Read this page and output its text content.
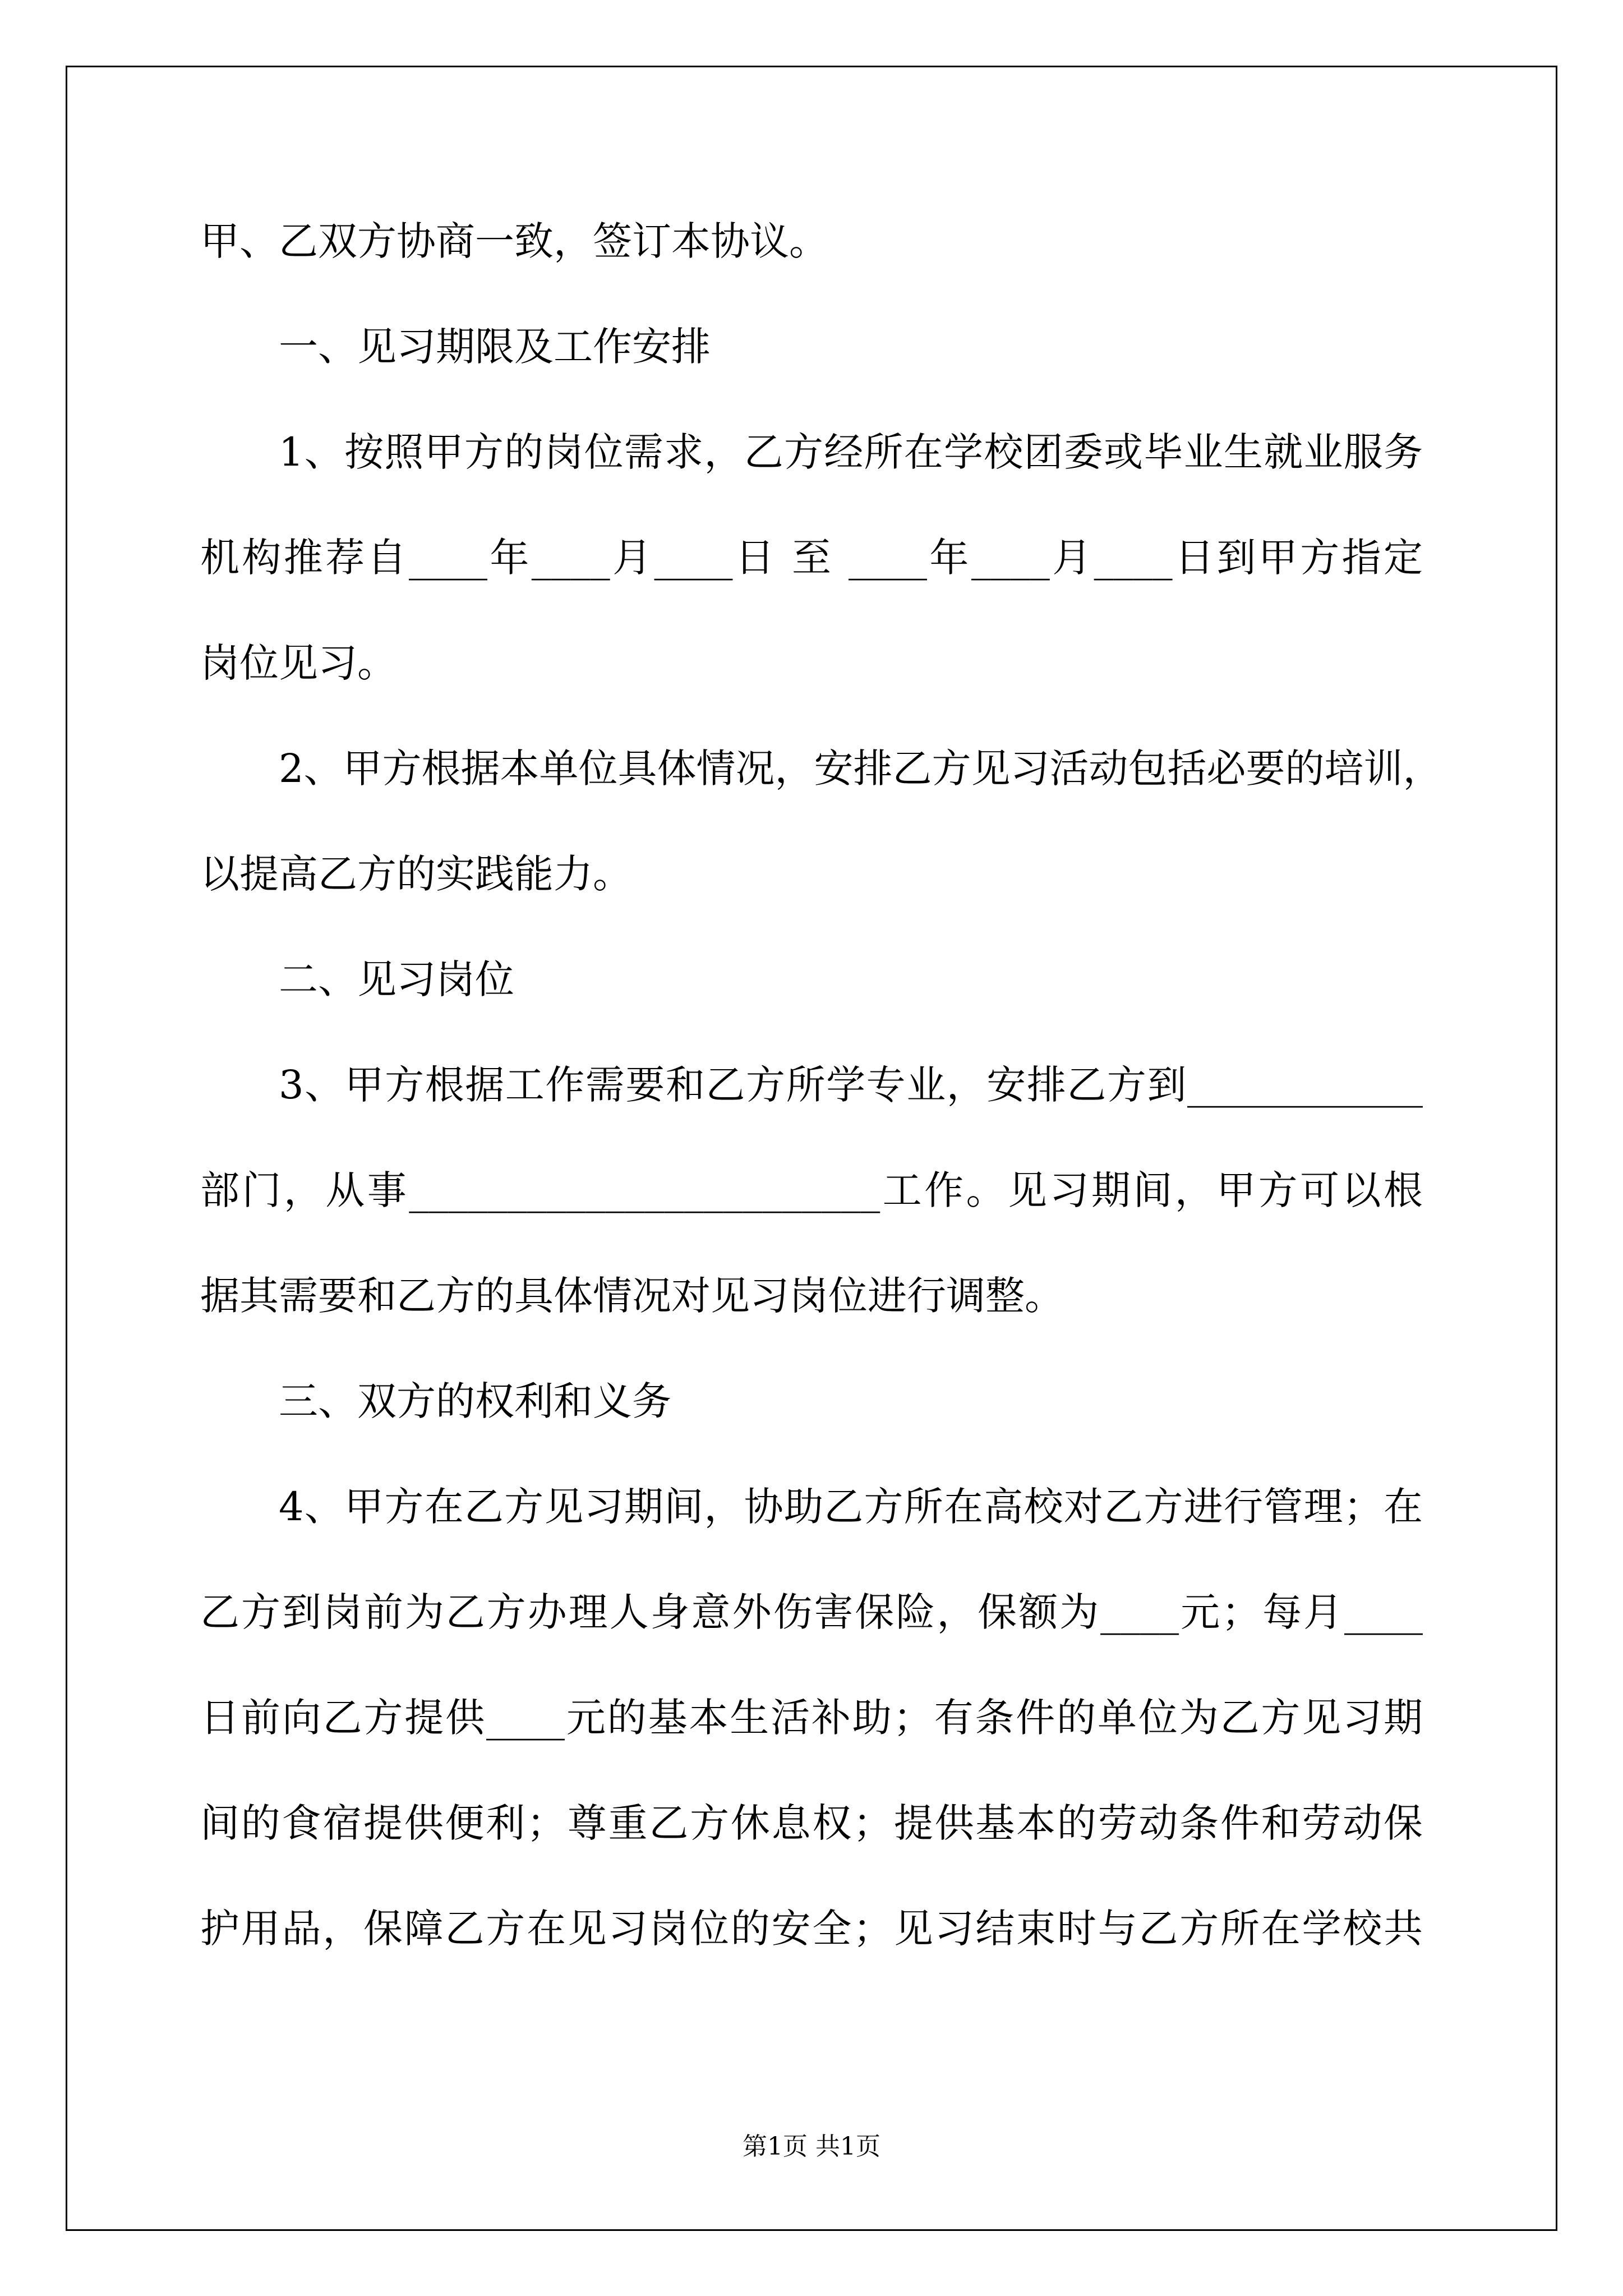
甲、乙双方协商一致，签订本协议。
一、见习期限及工作安排
1、按照甲方的岗位需求，乙方经所在学校团委或毕业生就业服务
机构推荐自____年____月____日 至 ____年____月____日到甲方指定
岗位见习。
2、甲方根据本单位具体情况，安排乙方见习活动包括必要的培训，
以提高乙方的实践能力。
二、见习岗位
3、甲方根据工作需要和乙方所学专业，安排乙方到____________
部门，从事________________________工作。见习期间，甲方可以根
据其需要和乙方的具体情况对见习岗位进行调整。
三、双方的权利和义务
4、甲方在乙方见习期间，协助乙方所在高校对乙方进行管理；在
乙方到岗前为乙方办理人身意外伤害保险，保额为____元；每月____
日前向乙方提供____元的基本生活补助；有条件的单位为乙方见习期
间的食宿提供便利；尊重乙方休息权；提供基本的劳动条件和劳动保
护用品，保障乙方在见习岗位的安全；见习结束时与乙方所在学校共
第1页 共1页
